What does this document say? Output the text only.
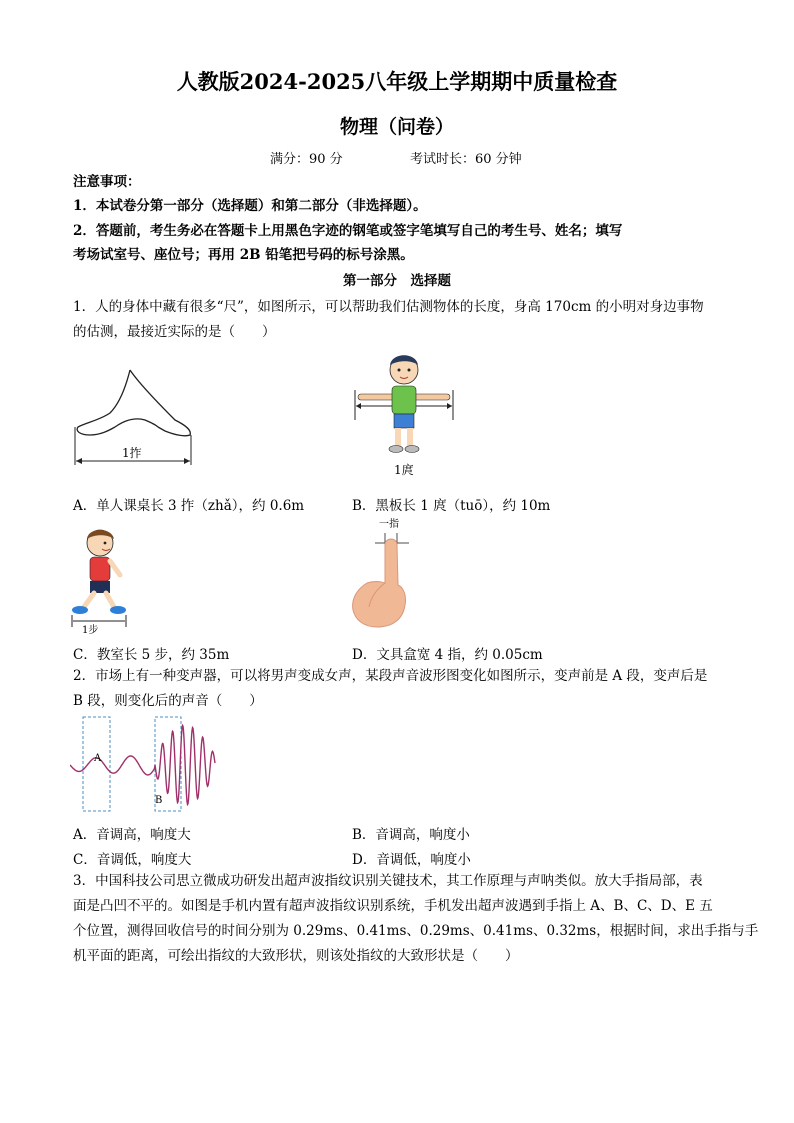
人教版2024-2025八年级上学期期中质量检查
物理（问卷）
满分：90 分	考试时长：60 分钟
注意事项：
1．本试卷分第一部分（选择题）和第二部分（非选择题）。
2．答题前，考生务必在答题卡上用黑色字迹的钢笔或签字笔填写自己的考生号、姓名；填写
考场试室号、座位号；再用 2B 铅笔把号码的标号涂黑。
第一部分　选择题
1．人的身体中藏有很多“尺”，如图所示，可以帮助我们估测物体的长度，身高 170cm 的小明对身边事物
的估测，最接近实际的是（　　）
1拃
1庹
A．单人课桌长 3 拃（zhǎ），约 0.6m	B．黑板长 1 庹（tuō），约 10m
1步
一指
C．教室长 5 步，约 35m	D．文具盒宽 4 指，约 0.05cm
2．市场上有一种变声器，可以将男声变成女声，某段声音波形图变化如图所示，变声前是 A 段，变声后是
B 段，则变化后的声音（　　）
A
B
A．音调高，响度大	B．音调高，响度小
C．音调低，响度大	D．音调低，响度小
3．中国科技公司思立微成功研发出超声波指纹识别关键技术，其工作原理与声呐类似。放大手指局部，表
面是凸凹不平的。如图是手机内置有超声波指纹识别系统，手机发出超声波遇到手指上 A、B、C、D、E 五
个位置，测得回收信号的时间分别为 0.29ms、0.41ms、0.29ms、0.41ms、0.32ms，根据时间，求出手指与手
机平面的距离，可绘出指纹的大致形状，则该处指纹的大致形状是（　　）
